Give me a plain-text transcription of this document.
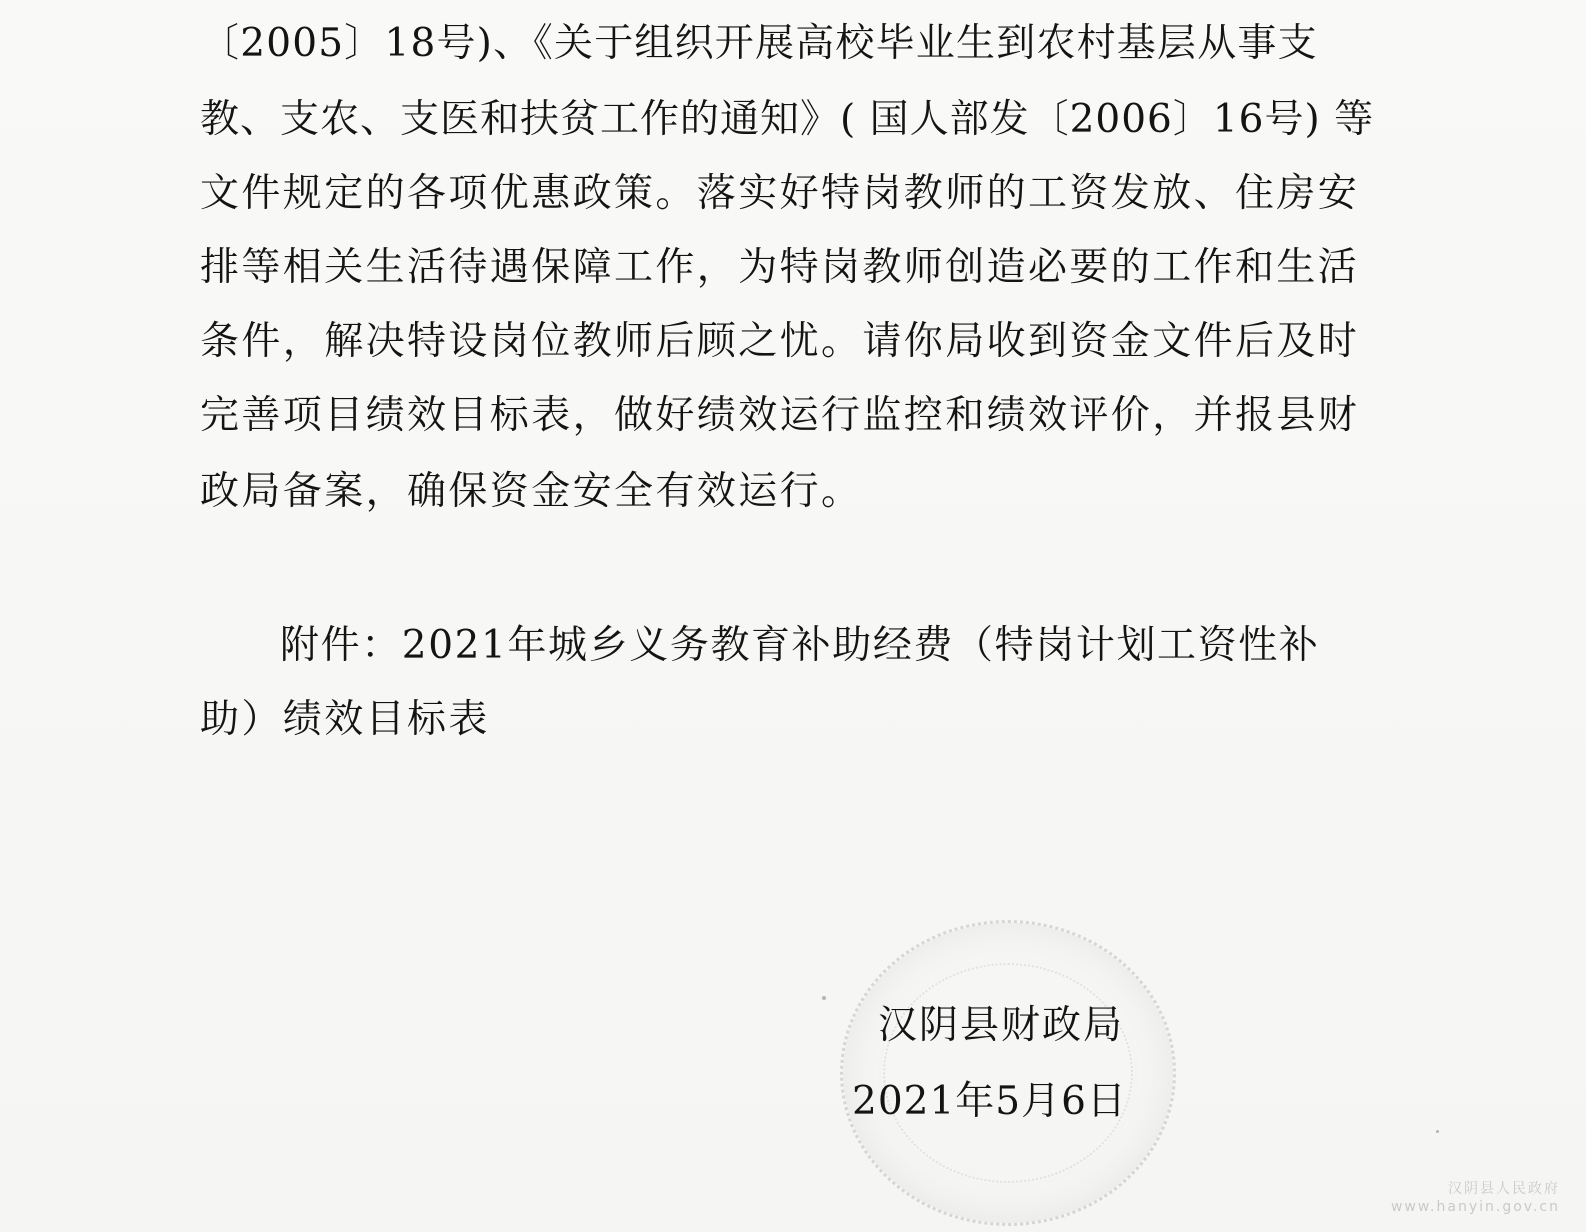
〔2005〕18号)、《关于组织开展高校毕业生到农村基层从事支
教、支农、支医和扶贫工作的通知》( 国人部发〔2006〕16号) 等
文件规定的各项优惠政策。落实好特岗教师的工资发放、住房安
排等相关生活待遇保障工作，为特岗教师创造必要的工作和生活
条件，解决特设岗位教师后顾之忧。请你局收到资金文件后及时
完善项目绩效目标表，做好绩效运行监控和绩效评价，并报县财
政局备案，确保资金安全有效运行。
附件：2021年城乡义务教育补助经费（特岗计划工资性补
助）绩效目标表
汉阴县财政局
2021年5月6日
汉阴县人民政府
www.hanyin.gov.cn
